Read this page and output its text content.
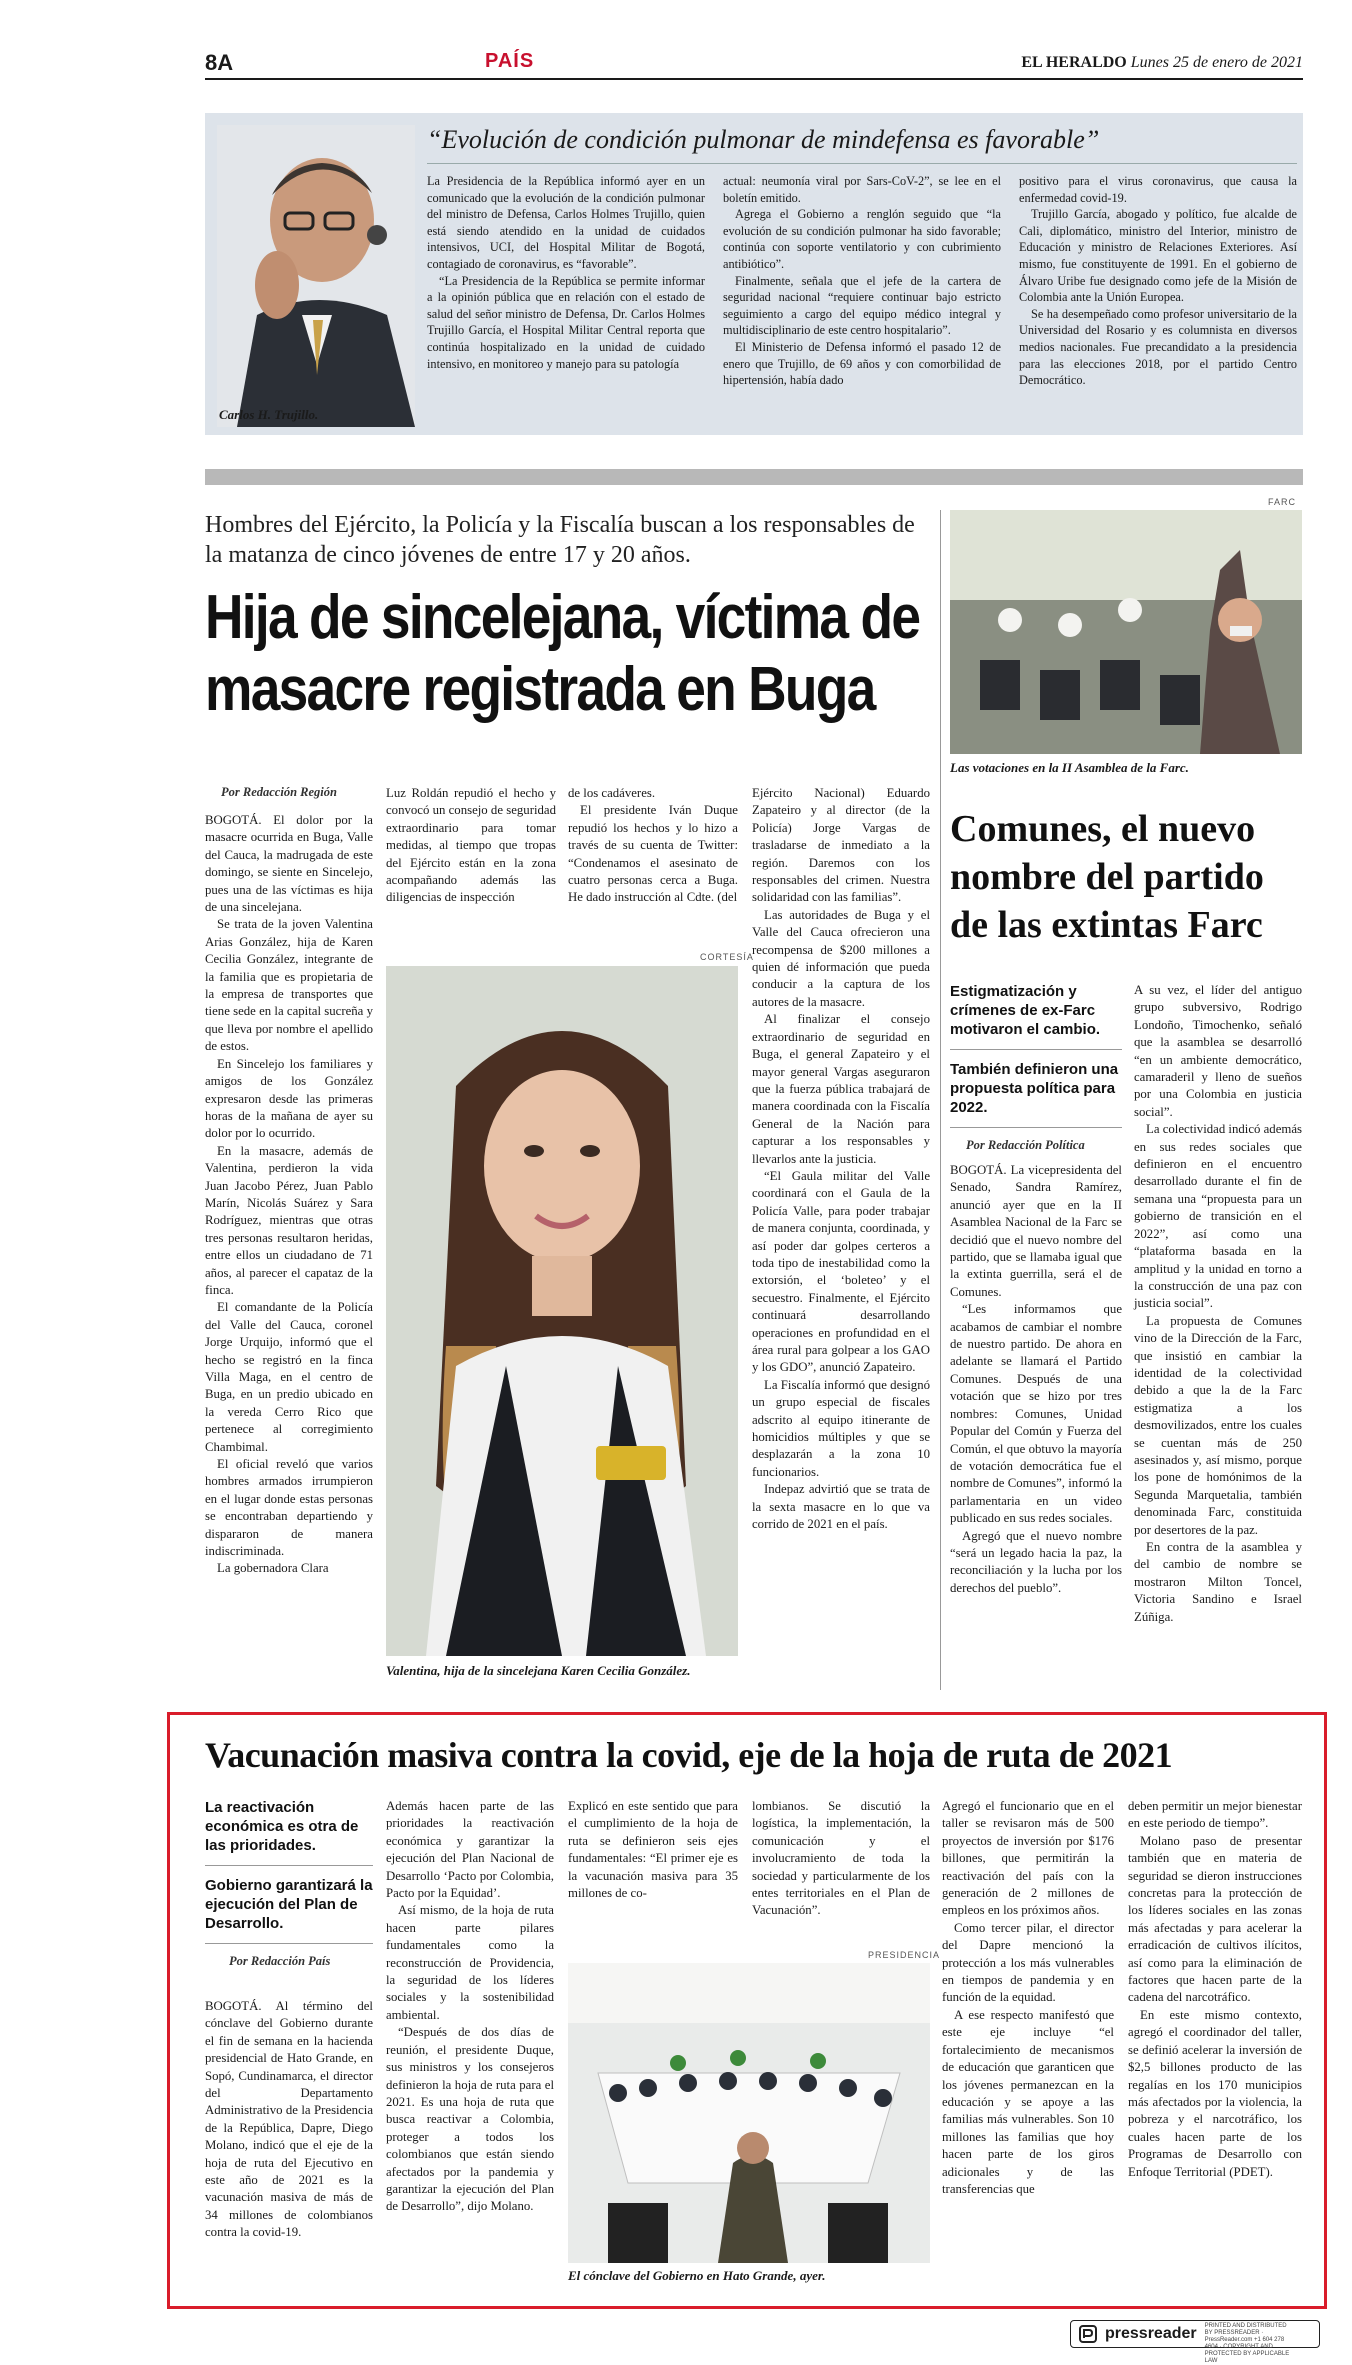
8A	PAÍS	EL HERALDO Lunes 25 de enero de 2021
Carlos H. Trujillo.
“Evolución de condición pulmonar de mindefensa es favorable”

La Presidencia de la República informó ayer en un comunicado que la evolución de la condición pulmonar del ministro de Defensa, Carlos Holmes Trujillo, quien está siendo atendido en la unidad de cuidados intensivos, UCI, del Hospital Militar de Bogotá, contagiado de coronavirus, es “favorable”.

“La Presidencia de la República se permite informar a la opinión pública que en relación con el estado de salud del señor ministro de Defensa, Dr. Carlos Holmes Trujillo García, el Hospital Militar Central reporta que continúa hospitalizado en la unidad de cuidado intensivo, en monitoreo y manejo para su patología

actual: neumonía viral por Sars-CoV-2”, se lee en el boletín emitido.

Agrega el Gobierno a renglón seguido que “la evolución de su condición pulmonar ha sido favorable; continúa con soporte ventilatorio y con cubrimiento antibiótico”.

Finalmente, señala que el jefe de la cartera de seguridad nacional “requiere continuar bajo estricto seguimiento a cargo del equipo médico integral y multidisciplinario de este centro hospitalario”.

El Ministerio de Defensa informó el pasado 12 de enero que Trujillo, de 69 años y con comorbilidad de hipertensión, había dado

positivo para el virus coronavirus, que causa la enfermedad covid-19.

Trujillo García, abogado y político, fue alcalde de Cali, diplomático, ministro del Interior, ministro de Educación y ministro de Relaciones Exteriores. Así mismo, fue constituyente de 1991. En el gobierno de Álvaro Uribe fue designado como jefe de la Misión de Colombia ante la Unión Europea.

Se ha desempeñado como profesor universitario de la Universidad del Rosario y es columnista en diversos medios nacionales. Fue precandidato a la presidencia para las elecciones 2018, por el partido Centro Democrático.

Hombres del Ejército, la Policía y la Fiscalía buscan a los responsables de la matanza de cinco jóvenes de entre 17 y 20 años.
Hija de sincelejana, víctima de
masacre registrada en Buga
Por Redacción Región

BOGOTÁ. El dolor por la masacre ocurrida en Buga, Valle del Cauca, la madrugada de este domingo, se siente en Sincelejo, pues una de las víctimas es hija de una sincelejana.

Se trata de la joven Valentina Arias González, hija de Karen Cecilia González, integrante de la familia que es propietaria de la empresa de transportes que tiene sede en la capital sucreña y que lleva por nombre el apellido de estos.

En Sincelejo los familiares y amigos de los González expresaron desde las primeras horas de la mañana de ayer su dolor por lo ocurrido.

En la masacre, además de Valentina, perdieron la vida Juan Jacobo Pérez, Juan Pablo Marín, Nicolás Suárez y Sara Rodríguez, mientras que otras tres personas resultaron heridas, entre ellos un ciudadano de 71 años, al parecer el capataz de la finca.

El comandante de la Policía del Valle del Cauca, coronel Jorge Urquijo, informó que el hecho se registró en la finca Villa Maga, en el centro de Buga, en un predio ubicado en la vereda Cerro Rico que pertenece al corregimiento Chambimal.

El oficial reveló que varios hombres armados irrumpieron en el lugar donde estas personas se encontraban departiendo y dispararon de manera indiscriminada.

La gobernadora Clara

Luz Roldán repudió el hecho y convocó un consejo de seguridad extraordinario para tomar medidas, al tiempo que tropas del Ejército están en la zona acompañando además las diligencias de inspección

de los cadáveres.

El presidente Iván Duque repudió los hechos y lo hizo a través de su cuenta de Twitter: “Condenamos el asesinato de cuatro personas cerca a Buga. He dado instrucción al Cdte. (del

CORTESÍA
Valentina, hija de la sincelejana Karen Cecilia González.

Ejército Nacional) Eduardo Zapateiro y al director (de la Policía) Jorge Vargas de trasladarse de inmediato a la región. Daremos con los responsables del crimen. Nuestra solidaridad con las familias”.

Las autoridades de Buga y el Valle del Cauca ofrecieron una recompensa de $200 millones a quien dé información que pueda conducir a la captura de los autores de la masacre.

Al finalizar el consejo extraordinario de seguridad en Buga, el general Zapateiro y el mayor general Vargas aseguraron que la fuerza pública trabajará de manera coordinada con la Fiscalía General de la Nación para capturar a los responsables y llevarlos ante la justicia.

“El Gaula militar del Valle coordinará con el Gaula de la Policía Valle, para poder trabajar de manera conjunta, coordinada, y así poder dar golpes certeros a toda tipo de inestabilidad como la extorsión, el ‘boleteo’ y el secuestro. Finalmente, el Ejército continuará desarrollando operaciones en profundidad en el área rural para golpear a los GAO y los GDO”, anunció Zapateiro.

La Fiscalía informó que designó un grupo especial de fiscales adscrito al equipo itinerante de homicidios múltiples y que se desplazarán a la zona 10 funcionarios.

Indepaz advirtió que se trata de la sexta masacre en lo que va corrido de 2021 en el país.

FARC
Las votaciones en la II Asamblea de la Farc.
Comunes, el nuevo nombre del partido de las extintas Farc
Estigmatización y crímenes de ex-Farc motivaron el cambio.
También definieron una propuesta política para 2022.
Por Redacción Política

BOGOTÁ. La vicepresidenta del Senado, Sandra Ramírez, anunció ayer que en la II Asamblea Nacional de la Farc se decidió que el nuevo nombre del partido, que se llamaba igual que la extinta guerrilla, será el de Comunes.

“Les informamos que acabamos de cambiar el nombre de nuestro partido. De ahora en adelante se llamará el Partido Comunes. Después de una votación que se hizo por tres nombres: Comunes, Unidad Popular del Común y Fuerza del Común, el que obtuvo la mayoría de votación democrática fue el nombre de Comunes”, informó la parlamentaria en un video publicado en sus redes sociales.

Agregó que el nuevo nombre “será un legado hacia la paz, la reconciliación y la lucha por los derechos del pueblo”.

A su vez, el líder del antiguo grupo subversivo, Rodrigo Londoño, Timochenko, señaló que la asamblea se desarrolló “en un ambiente democrático, camaraderil y lleno de sueños por una Colombia en justicia social”.

La colectividad indicó además en sus redes sociales que definieron en el encuentro desarrollado durante el fin de semana una “propuesta para un gobierno de transición en el 2022”, así como una “plataforma basada en la amplitud y la unidad en torno a la construcción de una paz con justicia social”.

La propuesta de Comunes vino de la Dirección de la Farc, que insistió en cambiar la identidad de la colectividad debido a que la de la Farc estigmatiza a los desmovilizados, entre los cuales se cuentan más de 250 asesinados y, así mismo, porque los pone de homónimos de la Segunda Marquetalia, también denominada Farc, constituida por desertores de la paz.

En contra de la asamblea y del cambio de nombre se mostraron Milton Toncel, Victoria Sandino e Israel Zúñiga.

Vacunación masiva contra la covid, eje de la hoja de ruta de 2021
La reactivación económica es otra de las prioridades.
Gobierno garantizará la ejecución del Plan de Desarrollo.
Por Redacción País

BOGOTÁ. Al término del cónclave del Gobierno durante el fin de semana en la hacienda presidencial de Hato Grande, en Sopó, Cundinamarca, el director del Departamento Administrativo de la Presidencia de la República, Dapre, Diego Molano, indicó que el eje de la hoja de ruta del Ejecutivo en este año de 2021 es la vacunación masiva de más de 34 millones de colombianos contra la covid-19.

Además hacen parte de las prioridades la reactivación económica y garantizar la ejecución del Plan Nacional de Desarrollo ‘Pacto por Colombia, Pacto por la Equidad’.

Así mismo, de la hoja de ruta hacen parte pilares fundamentales como la reconstrucción de Providencia, la seguridad de los líderes sociales y la sostenibilidad ambiental.

“Después de dos días de reunión, el presidente Duque, sus ministros y los consejeros definieron la hoja de ruta para el 2021. Es una hoja de ruta que busca reactivar a Colombia, proteger a todos los colombianos que están siendo afectados por la pandemia y garantizar la ejecución del Plan de Desarrollo”, dijo Molano.

Explicó en este sentido que para el cumplimiento de la hoja de ruta se definieron seis ejes fundamentales: “El primer eje es la vacunación masiva para 35 millones de co-

lombianos. Se discutió la logística, la implementación, la comunicación y el involucramiento de toda la sociedad y particularmente de los entes territoriales en el Plan de Vacunación”.

PRESIDENCIA
El cónclave del Gobierno en Hato Grande, ayer.

Agregó el funcionario que en el taller se revisaron más de 500 proyectos de inversión por $176 billones, que permitirán la reactivación del país con la generación de 2 millones de empleos en los próximos años.

Como tercer pilar, el director del Dapre mencionó la protección a los más vulnerables en tiempos de pandemia y en función de la equidad.

A ese respecto manifestó que este eje incluye “el fortalecimiento de mecanismos de educación que garanticen que los jóvenes permanezcan en la educación y se apoye a las familias más vulnerables. Son 10 millones las familias que hoy hacen parte de los giros adicionales y de las transferencias que

deben permitir un mejor bienestar en este periodo de tiempo”.

Molano paso de presentar también que en materia de seguridad se dieron instrucciones concretas para la protección de los líderes sociales en las zonas más afectadas y para acelerar la erradicación de cultivos ilícitos, así como para la eliminación de factores que hacen parte de la cadena del narcotráfico.

En este mismo contexto, agregó el coordinador del taller, se definió acelerar la inversión de $2,5 billones producto de las regalías en los 170 municipios más afectados por la violencia, la pobreza y el narcotráfico, los cuales hacen parte de los Programas de Desarrollo con Enfoque Territorial (PDET).

pressreader PRINTED AND DISTRIBUTED BY PRESSREADER · PressReader.com +1 604 278 4604 · COPYRIGHT AND PROTECTED BY APPLICABLE LAW
